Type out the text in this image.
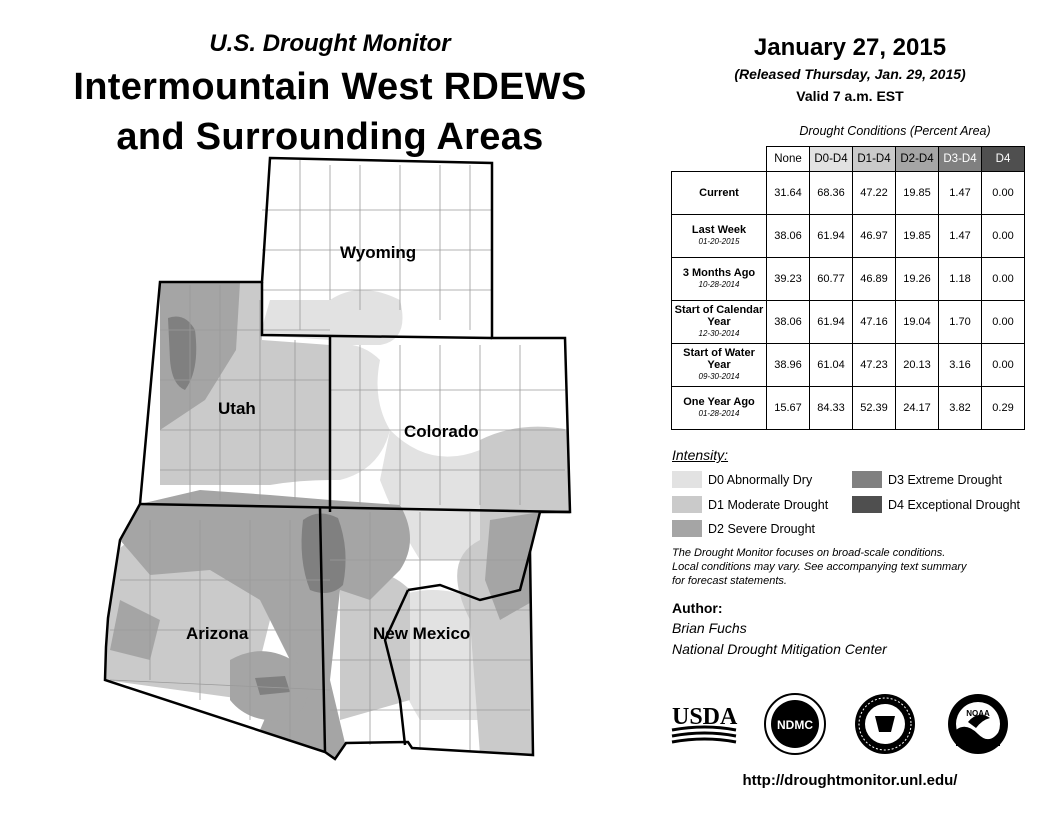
U.S. Drought Monitor
Intermountain West RDEWS
and Surrounding Areas
Wyoming
Utah
Colorado
Arizona	New Mexico
January 27, 2015
(Released Thursday, Jan. 29, 2015)
Valid 7 a.m. EST
Drought Conditions (Percent Area)
	None	D0-D4	D1-D4	D2-D4	D3-D4	D4
Current	31.64	68.36	47.22	19.85	1.47	0.00
Last Week
01-20-2015	38.06	61.94	46.97	19.85	1.47	0.00
3 Months Ago
10-28-2014	39.23	60.77	46.89	19.26	1.18	0.00
Start of Calendar Year
12-30-2014	38.06	61.94	47.16	19.04	1.70	0.00
Start of Water Year
09-30-2014	38.96	61.04	47.23	20.13	3.16	0.00
One Year Ago
01-28-2014	15.67	84.33	52.39	24.17	3.82	0.29
Intensity:
D0 Abnormally Dry
D1 Moderate Drought
D2 Severe Drought
D3 Extreme Drought
D4 Exceptional Drought
The Drought Monitor focuses on broad-scale conditions.
Local conditions may vary. See accompanying text summary
for forecast statements.
Author:
Brian Fuchs
National Drought Mitigation Center
USDA	NDMC
NOAA
http://droughtmonitor.unl.edu/
